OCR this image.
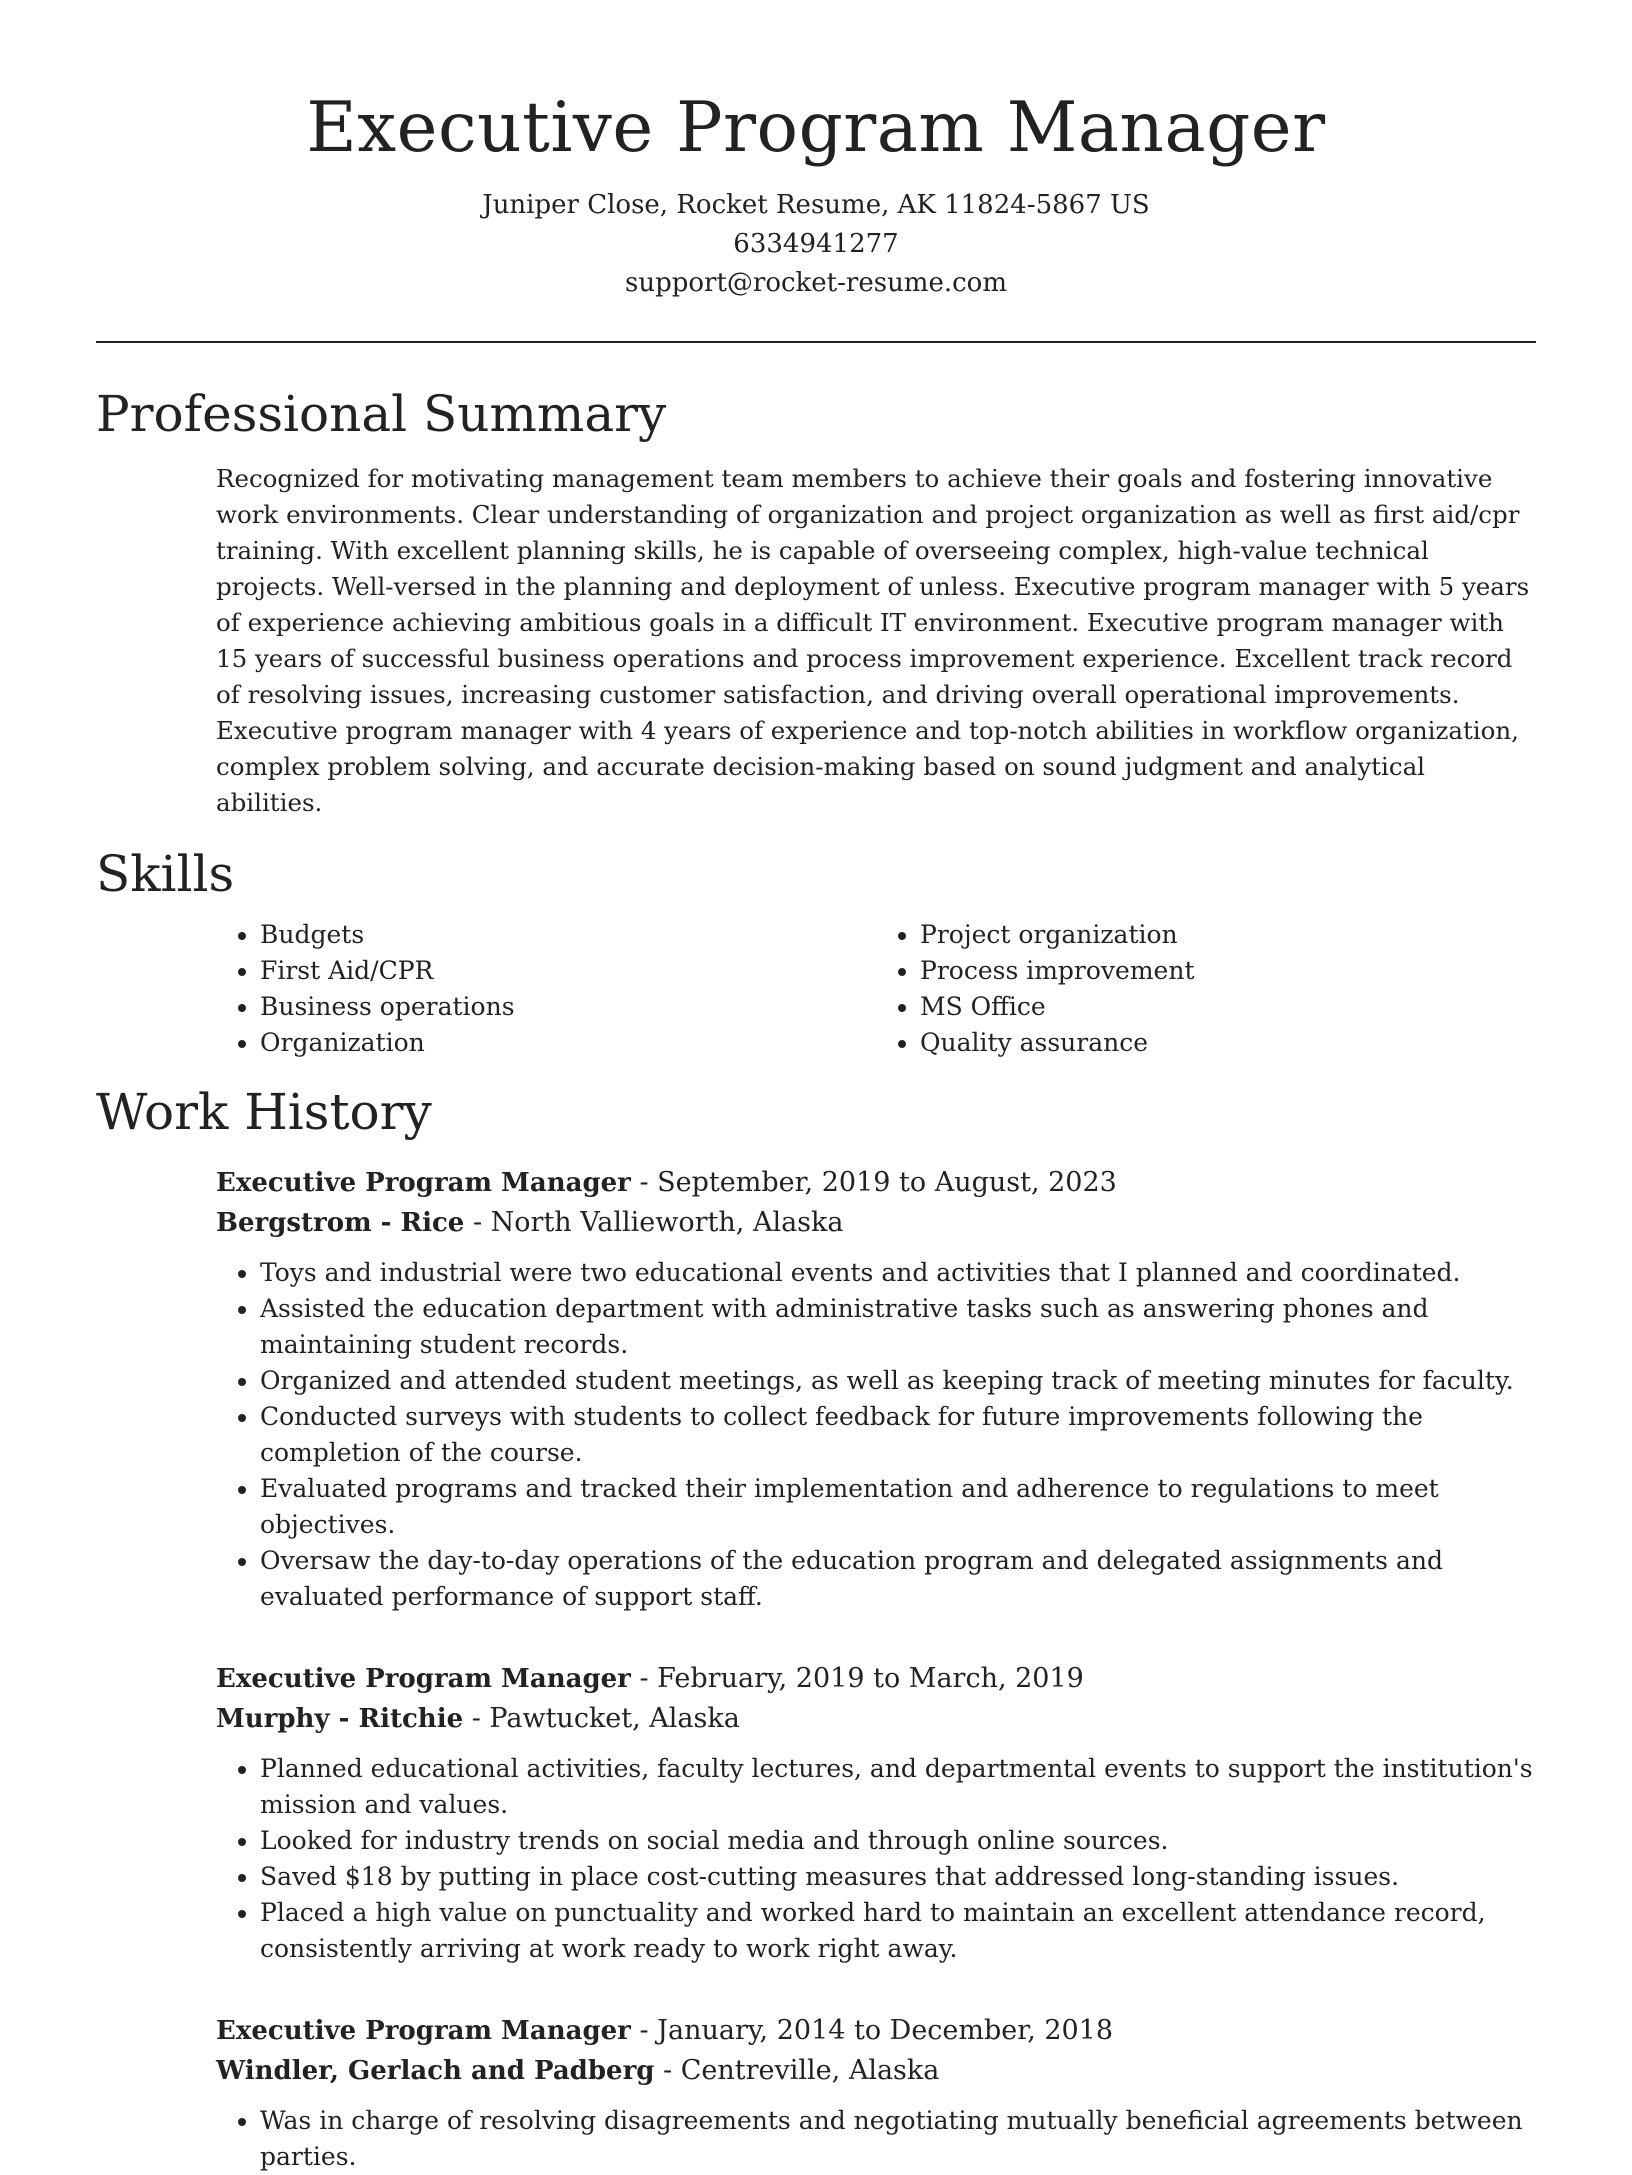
Executive Program Manager
Juniper Close, Rocket Resume, AK 11824-5867 US
6334941277
support@rocket-resume.com
Professional Summary

Recognized for motivating management team members to achieve their goals and fostering innovative work environments. Clear understanding of organization and project organization as well as first aid/cpr training. With excellent planning skills, he is capable of overseeing complex, high-value technical projects. Well-versed in the planning and deployment of unless. Executive program manager with 5 years of experience achieving ambitious goals in a difficult IT environment. Executive program manager with 15 years of successful business operations and process improvement experience. Excellent track record of resolving issues, increasing customer satisfaction, and driving overall operational improvements. Executive program manager with 4 years of experience and top-notch abilities in workflow organization, complex problem solving, and accurate decision-making based on sound judgment and analytical abilities.

Skills
• Budgets
• First Aid/CPR
• Business operations
• Organization
• Project organization
• Process improvement
• MS Office
• Quality assurance
Work History
Executive Program Manager - September, 2019 to August, 2023
Bergstrom - Rice - North Vallieworth, Alaska
• Toys and industrial were two educational events and activities that I planned and coordinated.
• Assisted the education department with administrative tasks such as answering phones and maintaining student records.
• Organized and attended student meetings, as well as keeping track of meeting minutes for faculty.
• Conducted surveys with students to collect feedback for future improvements following the completion of the course.
• Evaluated programs and tracked their implementation and adherence to regulations to meet objectives.
• Oversaw the day-to-day operations of the education program and delegated assignments and evaluated performance of support staff.
Executive Program Manager - February, 2019 to March, 2019
Murphy - Ritchie - Pawtucket, Alaska
• Planned educational activities, faculty lectures, and departmental events to support the institution's mission and values.
• Looked for industry trends on social media and through online sources.
• Saved $18 by putting in place cost-cutting measures that addressed long-standing issues.
• Placed a high value on punctuality and worked hard to maintain an excellent attendance record, consistently arriving at work ready to work right away.
Executive Program Manager - January, 2014 to December, 2018
Windler, Gerlach and Padberg - Centreville, Alaska
• Was in charge of resolving disagreements and negotiating mutually beneficial agreements between parties.
